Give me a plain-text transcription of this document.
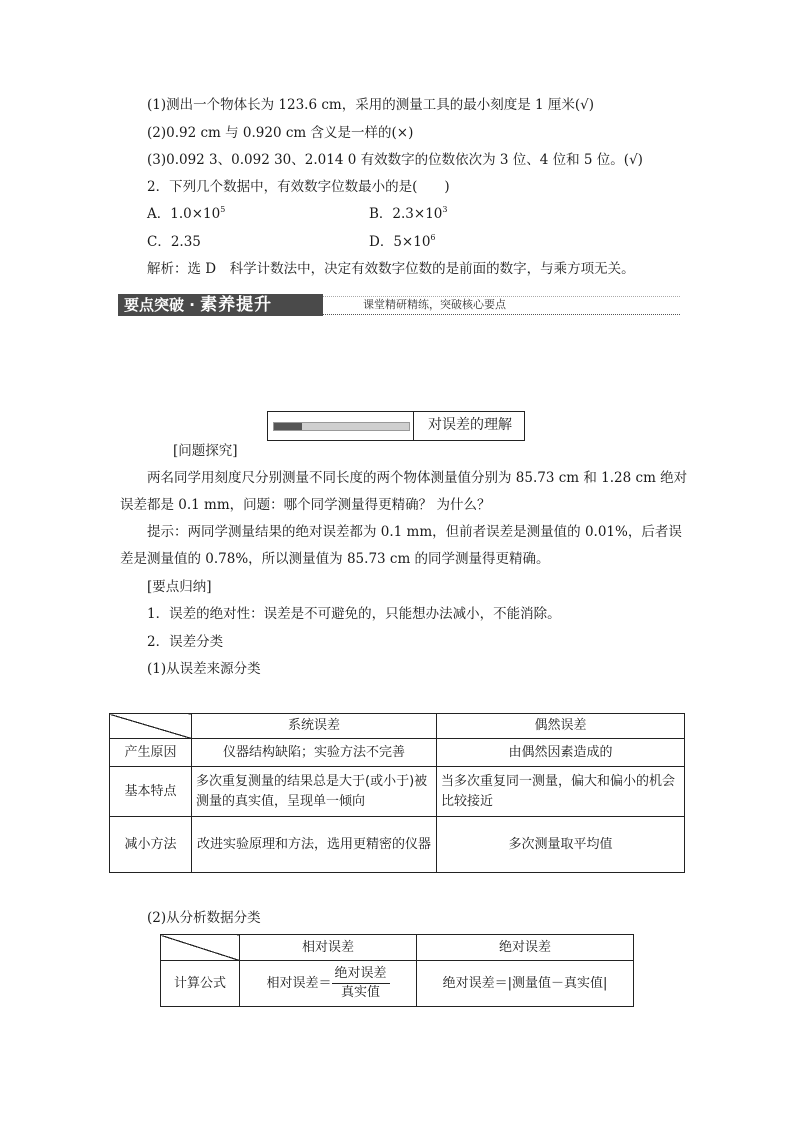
(1)测出一个物体长为 123.6 cm，采用的测量工具的最小刻度是 1 厘米(√)
(2)0.92 cm 与 0.920 cm 含义是一样的(×)
(3)0.092 3、0.092 30、2.014 0 有效数字的位数依次为 3 位、4 位和 5 位。(√)
2．下列几个数据中，有效数字位数最小的是(　　)
A．$1.0\times 10^5$	B．$2.3\times 10^3$
C．2.35	D．$5\times 10^6$
解析：选 D　科学计数法中，决定有效数字位数的是前面的数字，与乘方项无关。
要点突破 · 素养提升	课堂精研精练，突破核心要点
对误差的理解
[问题探究]
两名同学用刻度尺分别测量不同长度的两个物体测量值分别为 85.73 cm 和 1.28 cm 绝对
误差都是 0.1 mm，问题：哪个同学测量得更精确？ 为什么？
提示：两同学测量结果的绝对误差都为 0.1 mm，但前者误差是测量值的 0.01%，后者误
差是测量值的 0.78%，所以测量值为 85.73 cm 的同学测量得更精确。
[要点归纳]
1．误差的绝对性：误差是不可避免的，只能想办法减小，不能消除。
2．误差分类
(1)从误差来源分类
	系统误差	偶然误差
产生原因	仪器结构缺陷；实验方法不完善	由偶然因素造成的
基本特点	多次重复测量的结果总是大于(或小于)被测量的真实值，呈现单一倾向	当多次重复同一测量，偏大和偏小的机会比较接近
减小方法	改进实验原理和方法，选用更精密的仪器	多次测量取平均值
(2)从分析数据分类
	相对误差	绝对误差
计算公式	相对误差＝ $\frac{\text{绝对误差}}{\text{真实值}}$	绝对误差＝|测量值－真实值|
